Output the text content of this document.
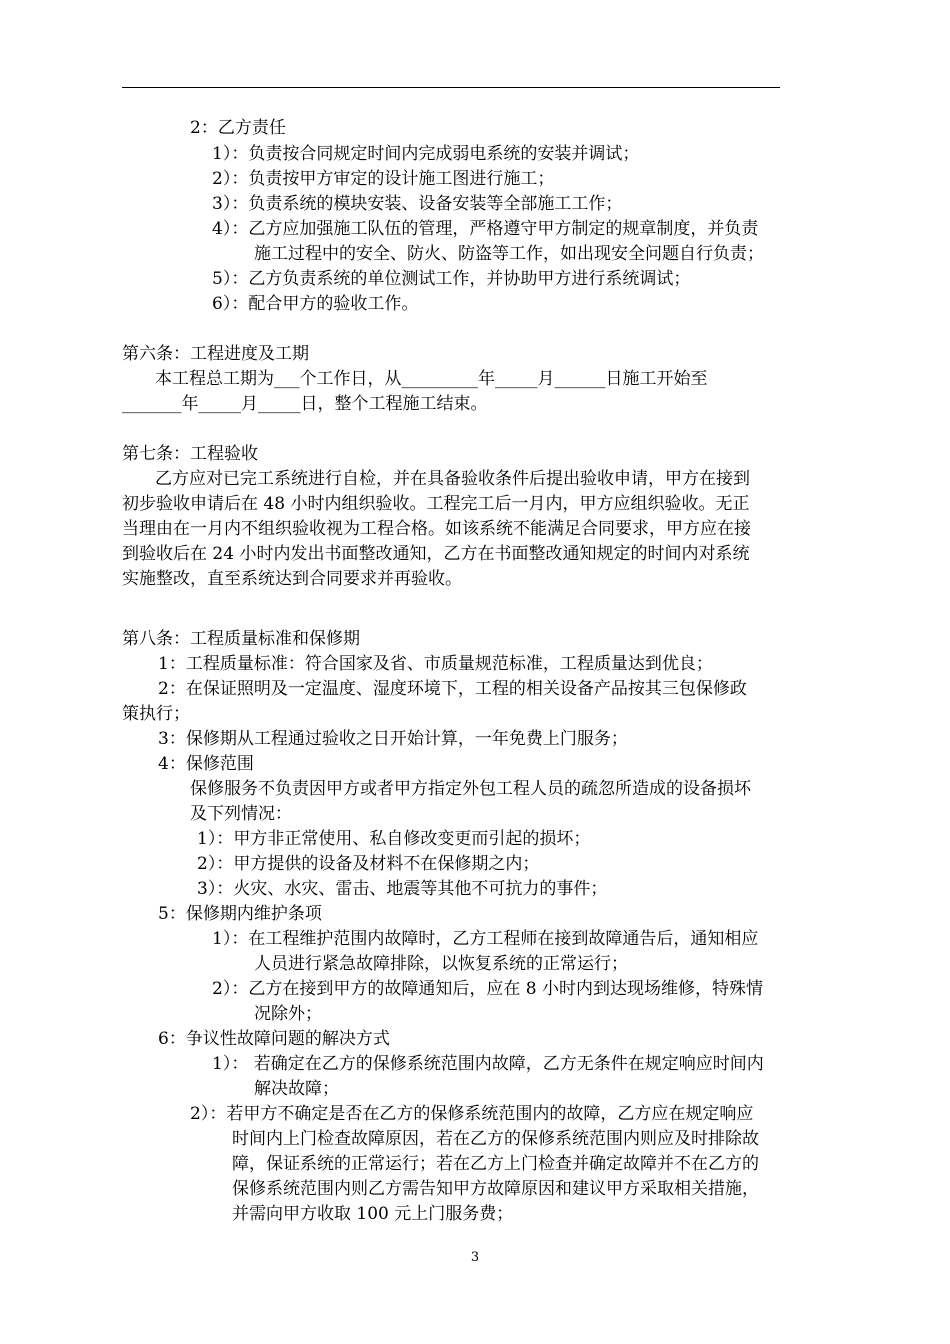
2：乙方责任
1）：负责按合同规定时间内完成弱电系统的安装并调试；
2）：负责按甲方审定的设计施工图进行施工；
3）：负责系统的模块安装、设备安装等全部施工工作；
4）：乙方应加强施工队伍的管理，严格遵守甲方制定的规章制度，并负责
施工过程中的安全、防火、防盗等工作，如出现安全问题自行负责；
5）：乙方负责系统的单位测试工作，并协助甲方进行系统调试；
6）：配合甲方的验收工作。
第六条：工程进度及工期
本工程总工期为___个工作日，从_________年_____月______日施工开始至
_______年_____月_____日，整个工程施工结束。
第七条：工程验收
乙方应对已完工系统进行自检，并在具备验收条件后提出验收申请，甲方在接到
初步验收申请后在 48 小时内组织验收。工程完工后一月内，甲方应组织验收。无正
当理由在一月内不组织验收视为工程合格。如该系统不能满足合同要求，甲方应在接
到验收后在 24 小时内发出书面整改通知，乙方在书面整改通知规定的时间内对系统
实施整改，直至系统达到合同要求并再验收。
第八条：工程质量标准和保修期
1：工程质量标准：符合国家及省、市质量规范标准，工程质量达到优良；
2：在保证照明及一定温度、湿度环境下，工程的相关设备产品按其三包保修政
策执行；
3：保修期从工程通过验收之日开始计算，一年免费上门服务；
4：保修范围
保修服务不负责因甲方或者甲方指定外包工程人员的疏忽所造成的设备损坏
及下列情况：
1）：甲方非正常使用、私自修改变更而引起的损坏；
2）：甲方提供的设备及材料不在保修期之内；
3）：火灾、水灾、雷击、地震等其他不可抗力的事件；
5：保修期内维护条项
1）：在工程维护范围内故障时，乙方工程师在接到故障通告后，通知相应
人员进行紧急故障排除，以恢复系统的正常运行；
2）：乙方在接到甲方的故障通知后，应在 8 小时内到达现场维修，特殊情
况除外；
6：争议性故障问题的解决方式
1）： 若确定在乙方的保修系统范围内故障，乙方无条件在规定响应时间内
解决故障；
2）：若甲方不确定是否在乙方的保修系统范围内的故障，乙方应在规定响应
时间内上门检查故障原因，若在乙方的保修系统范围内则应及时排除故
障，保证系统的正常运行；若在乙方上门检查并确定故障并不在乙方的
保修系统范围内则乙方需告知甲方故障原因和建议甲方采取相关措施，
并需向甲方收取 100 元上门服务费；
3
